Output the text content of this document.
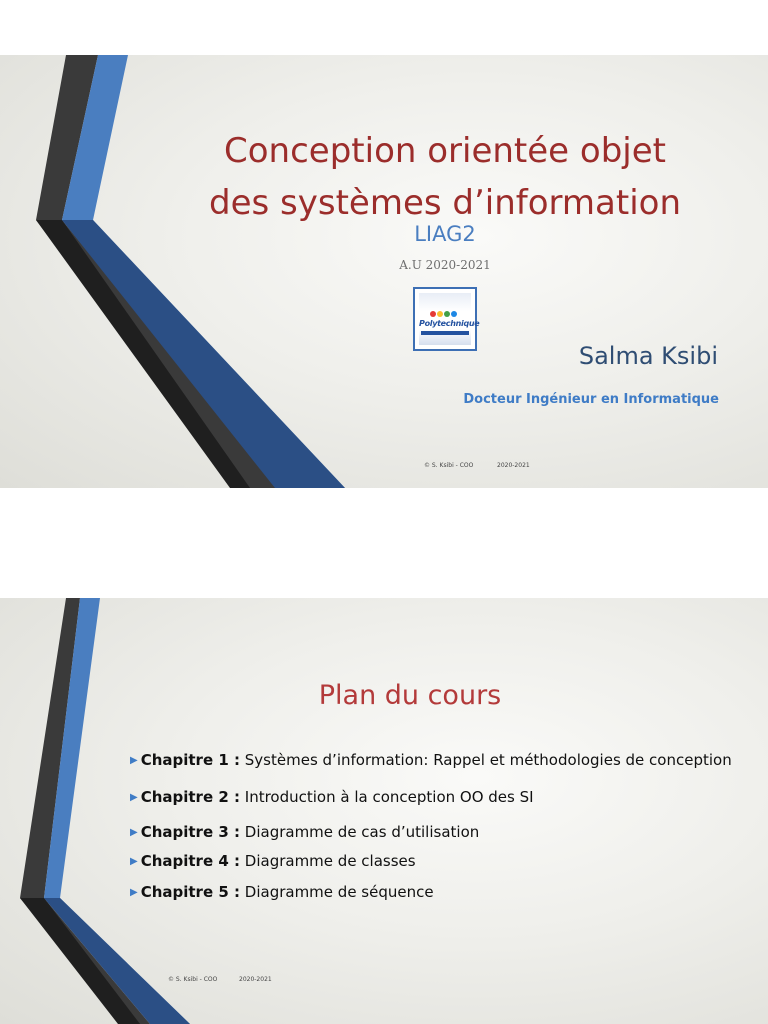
Conception orientée objet
des systèmes d’information
LIAG2
A.U 2020-2021
Polytechnique
Salma Ksibi
Docteur Ingénieur en Informatique
© S. Ksibi - COO	2020-2021
Plan du cours
▶ Chapitre 1 : Systèmes d’information: Rappel et méthodologies de conception
▶ Chapitre 2 : Introduction à la conception OO des SI
▶ Chapitre 3 : Diagramme de cas d’utilisation
▶ Chapitre 4 : Diagramme de classes
▶ Chapitre 5 : Diagramme de séquence
© S. Ksibi - COO	2020-2021
